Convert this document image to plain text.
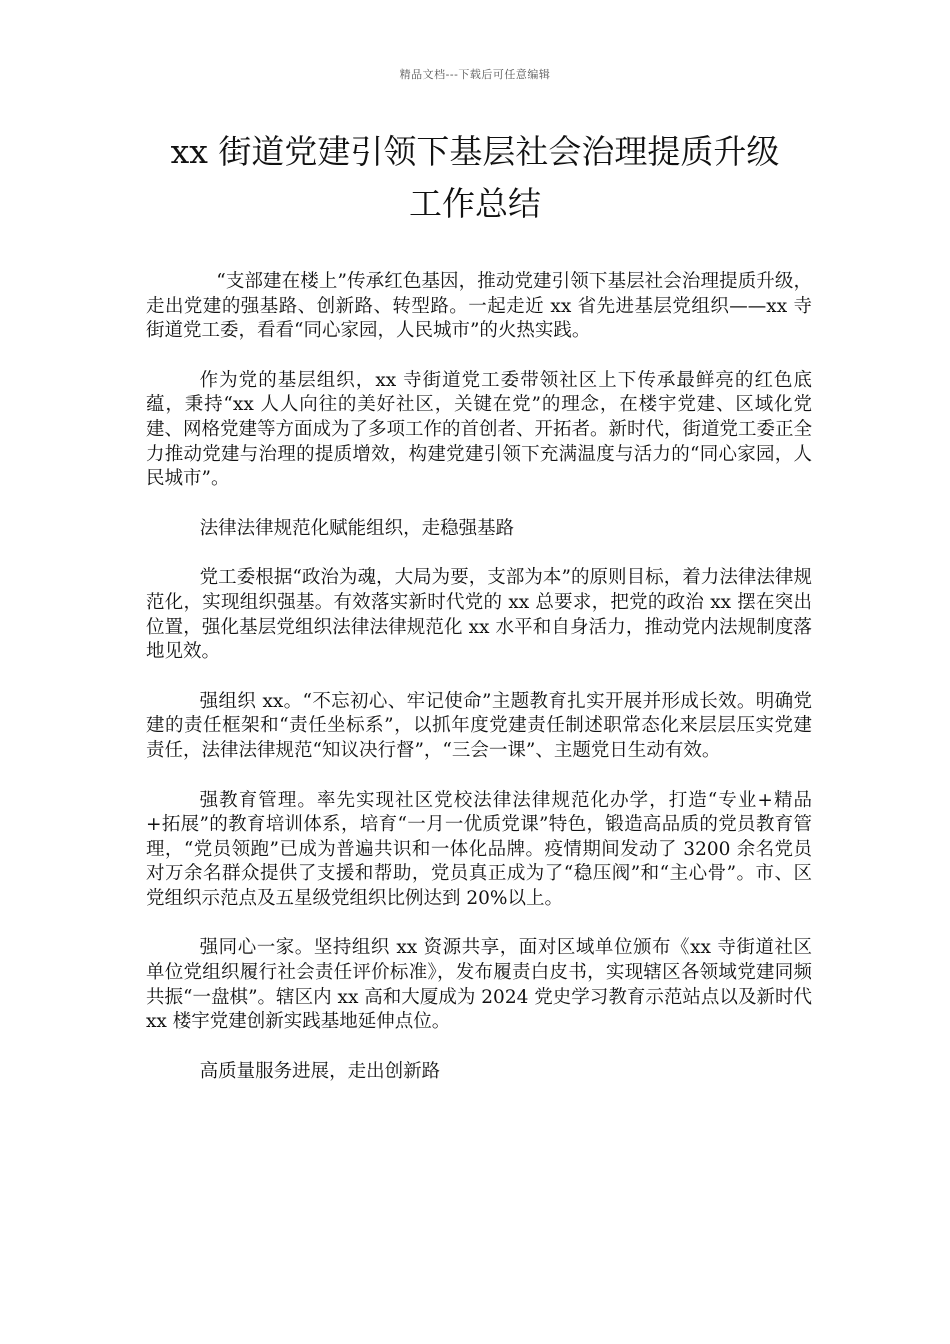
精品文档---下载后可任意编辑
xx 街道党建引领下基层社会治理提质升级
工作总结

“支部建在楼上”传承红色基因，推动党建引领下基层社会治理提质升级，走出党建的强基路、创新路、转型路。一起走近 xx 省先进基层党组织——xx 寺街道党工委，看看“同心家园，人民城市”的火热实践。

作为党的基层组织，xx 寺街道党工委带领社区上下传承最鲜亮的红色底蕴，秉持“xx 人人向往的美好社区，关键在党”的理念，在楼宇党建、区域化党建、网格党建等方面成为了多项工作的首创者、开拓者。新时代，街道党工委正全力推动党建与治理的提质增效，构建党建引领下充满温度与活力的“同心家园，人民城市”。

法律法律规范化赋能组织，走稳强基路

党工委根据“政治为魂，大局为要，支部为本”的原则目标，着力法律法律规范化，实现组织强基。有效落实新时代党的 xx 总要求，把党的政治 xx 摆在突出位置，强化基层党组织法律法律规范化 xx 水平和自身活力，推动党内法规制度落地见效。

强组织 xx。“不忘初心、牢记使命”主题教育扎实开展并形成长效。明确党建的责任框架和“责任坐标系”，以抓年度党建责任制述职常态化来层层压实党建责任，法律法律规范“知议决行督”，“三会一课”、主题党日生动有效。

强教育管理。率先实现社区党校法律法律规范化办学，打造“专业+精品+拓展”的教育培训体系，培育“一月一优质党课”特色，锻造高品质的党员教育管理，“党员领跑”已成为普遍共识和一体化品牌。疫情期间发动了 3200 余名党员对万余名群众提供了支援和帮助，党员真正成为了“稳压阀”和“主心骨”。市、区党组织示范点及五星级党组织比例达到 20%以上。

强同心一家。坚持组织 xx 资源共享，面对区域单位颁布《xx 寺街道社区单位党组织履行社会责任评价标准》，发布履责白皮书，实现辖区各领域党建同频共振“一盘棋”。辖区内 xx 高和大厦成为 2024 党史学习教育示范站点以及新时代 xx 楼宇党建创新实践基地延伸点位。

高质量服务进展，走出创新路
